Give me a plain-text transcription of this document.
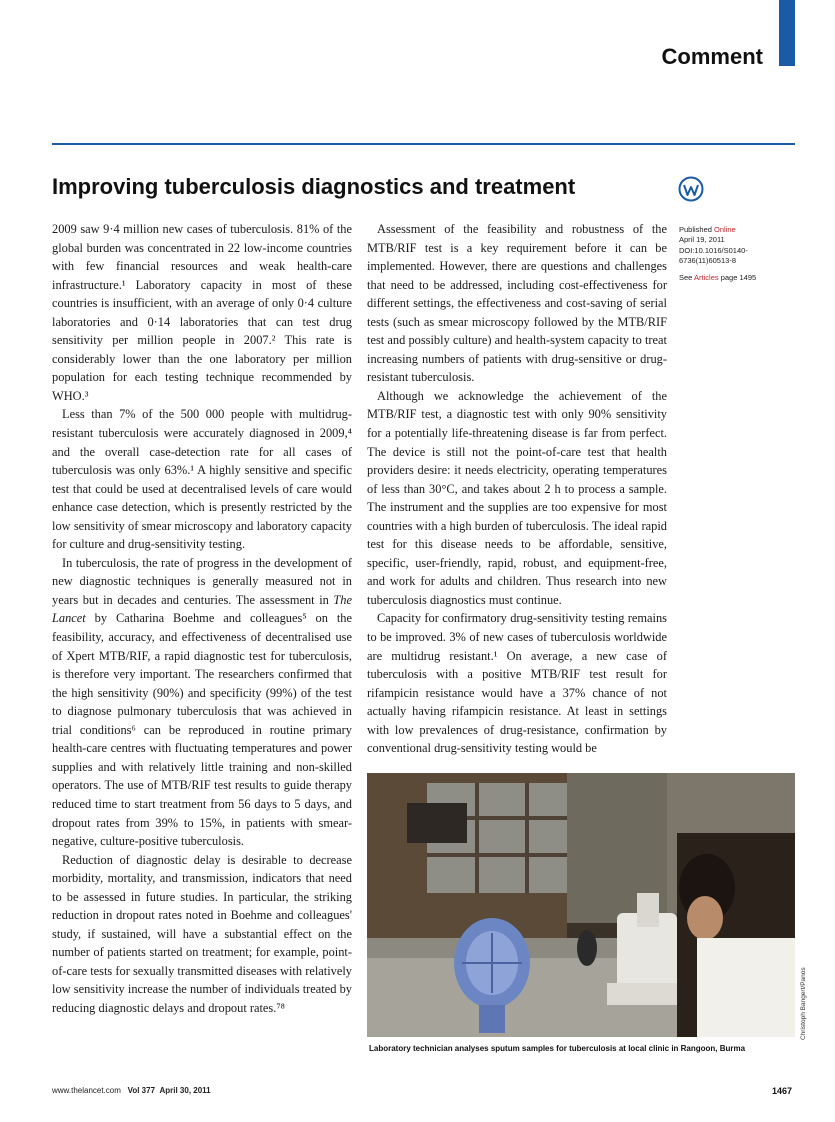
Comment
Improving tuberculosis diagnostics and treatment

2009 saw 9·4 million new cases of tuberculosis. 81% of the global burden was concentrated in 22 low-income countries with few financial resources and weak health-care infrastructure.¹ Laboratory capacity in most of these countries is insufficient, with an average of only 0·4 culture laboratories and 0·14 laboratories that can test drug sensitivity per million people in 2007.² This rate is considerably lower than the one laboratory per million population for each testing technique recommended by WHO.³

Less than 7% of the 500 000 people with multidrug-resistant tuberculosis were accurately diagnosed in 2009,⁴ and the overall case-detection rate for all cases of tuberculosis was only 63%.¹ A highly sensitive and specific test that could be used at decentralised levels of care would enhance case detection, which is presently restricted by the low sensitivity of smear microscopy and laboratory capacity for culture and drug-sensitivity testing.

In tuberculosis, the rate of progress in the development of new diagnostic techniques is generally measured not in years but in decades and centuries. The assessment in The Lancet by Catharina Boehme and colleagues⁵ on the feasibility, accuracy, and effectiveness of decentralised use of Xpert MTB/RIF, a rapid diagnostic test for tuberculosis, is therefore very important. The researchers confirmed that the high sensitivity (90%) and specificity (99%) of the test to diagnose pulmonary tuberculosis that was achieved in trial conditions⁶ can be reproduced in routine primary health-care centres with fluctuating temperatures and power supplies and with relatively little training and non-skilled operators. The use of MTB/RIF test results to guide therapy reduced time to start treatment from 56 days to 5 days, and dropout rates from 39% to 15%, in patients with smear-negative, culture-positive tuberculosis.

Reduction of diagnostic delay is desirable to decrease morbidity, mortality, and transmission, indicators that need to be assessed in future studies. In particular, the striking reduction in dropout rates noted in Boehme and colleagues' study, if sustained, will have a substantial effect on the number of patients started on treatment; for example, point-of-care tests for sexually transmitted diseases with relatively low sensitivity increase the number of individuals treated by reducing diagnostic delays and dropout rates.⁷⁸

Assessment of the feasibility and robustness of the MTB/RIF test is a key requirement before it can be implemented. However, there are questions and challenges that need to be addressed, including cost-effectiveness for different settings, the effectiveness and cost-saving of serial tests (such as smear microscopy followed by the MTB/RIF test and possibly culture) and health-system capacity to treat increasing numbers of patients with drug-sensitive or drug-resistant tuberculosis.

Although we acknowledge the achievement of the MTB/RIF test, a diagnostic test with only 90% sensitivity for a potentially life-threatening disease is far from perfect. The device is still not the point-of-care test that health providers desire: it needs electricity, operating temperatures of less than 30°C, and takes about 2 h to process a sample. The instrument and the supplies are too expensive for most countries with a high burden of tuberculosis. The ideal rapid test for this disease needs to be affordable, sensitive, specific, user-friendly, rapid, robust, and equipment-free, and work for adults and children. Thus research into new tuberculosis diagnostics must continue.

Capacity for confirmatory drug-sensitivity testing remains to be improved. 3% of new cases of tuberculosis worldwide are multidrug resistant.¹ On average, a new case of tuberculosis with a positive MTB/RIF test result for rifampicin resistance would have a 37% chance of not actually having rifampicin resistance. At least in settings with low prevalences of drug-resistance, confirmation by conventional drug-sensitivity testing would be

Published Online
April 19, 2011
DOI:10.1016/S0140-
6736(11)60513-8
See Articles page 1495
Christoph Bangert/Panos
Laboratory technician analyses sputum samples for tuberculosis at local clinic in Rangoon, Burma
www.thelancet.com Vol 377 April 30, 2011	1467
